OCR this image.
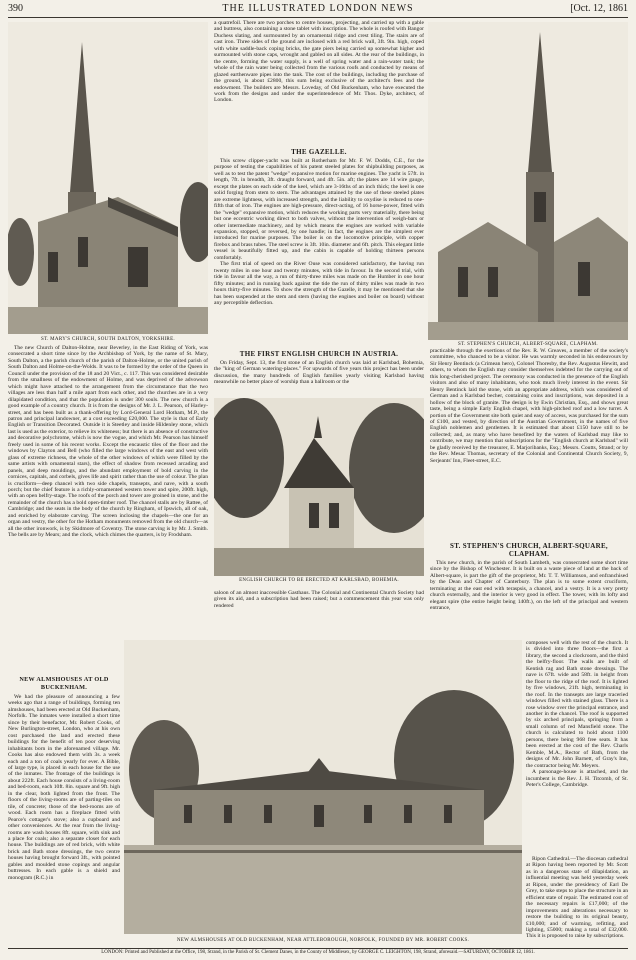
390	THE ILLUSTRATED LONDON NEWS	[Oct. 12, 1861
ST. MARY'S CHURCH, SOUTH DALTON, YORKSHIRE.

a quatrefoil. There are two porches to centre houses, projecting, and carried up with a gable and buttress, also containing a stone tablet with inscription. The whole is roofed with Bangor Duchess slating, and surmounted by an ornamental ridge and crest tiling. The stairs are of cast iron. Three sides of the ground are inclosed with a red brick wall, 3ft. 9in. high, coped with white saddle-back coping bricks, the gate piers being carried up somewhat higher and surmounted with stone caps, wrought and gabled on all sides. At the rear of the buildings, in the centre, forming the water supply, is a well of spring water and a rain-water tank; the whole of the rain water being collected from the various roofs and conducted by means of glazed earthenware pipes into the tank. The cost of the buildings, including the purchase of the ground, is about £2800, this sum being exclusive of the architect's fees and the endowment. The builders are Messrs. Loveday, of Old Buckenham, who have executed the work from the designs and under the superintendence of Mr. Thos. Dyke, architect, of London.

THE GAZELLE.

This screw clipper-yacht was built at Rotherham for Mr. F. W. Dodds, C.E., for the purpose of testing the capabilities of his patent steeled plates for shipbuilding purposes, as well as to test the patent "wedge" expansive motion for marine engines. The yacht is 57ft. in length, 7ft. in breadth, 3ft. draught forward, and 4ft. 5in. aft; the plates are 14 wire gauge, except the plates on each side of the keel, which are 3-16ths of an inch thick; the keel is one solid forging from stem to stern. The advantages attained by the use of these steeled plates are extreme lightness, with increased strength, and the liability to oxydise is reduced to one-fifth that of iron. The engines are high-pressure, direct-acting, of 16 horse-power, fitted with the "wedge" expansive motion, which reduces the working parts very materially, there being but one eccentric working direct to both valves, without the intervention of weigh-bars or other intermediate machinery, and by which means the engines are worked with variable expansion, stopped, or reversed, by one handle; in fact, the engines are the simplest ever introduced for marine purposes. The boiler is on the locomotive principle, with copper firebox and brass tubes. The steel screw is 3ft. 10in. diameter and 6ft. pitch. This elegant little vessel is beautifully fitted up, and the cabin is capable of holding thirteen persons comfortably.

The first trial of speed on the River Ouse was considered satisfactory, the having run twenty miles in one hour and twenty minutes, with tide in favour. In the second trial, with tide in favour all the way, a run of thirty-three miles was made on the Humber in one hour fifty minutes; and in running back against the tide the run of thirty miles was made in two hours thirty-five minutes. To show the strength of the Gazelle, it may be mentioned that she has been suspended at the stem and stern (having the engines and boiler on board) without any perceptible deflection.

ST. STEPHEN'S CHURCH, ALBERT-SQUARE, CLAPHAM.

The new Church of Dalton-Holme, near Beverley, in the East Riding of York, was consecrated a short time since by the Archbishop of York, by the name of St. Mary, South Dalton, a the parish church of the parish of Dalton-Holme, or the united parish of South Dalton and Holme-on-the-Wolds. It was to be formed by the order of the Queen in Council under the provision of the 18 and 20 Vict., c. 117. This was considered desirable from the smallness of the endowment of Holme, and was deprived of the advowson which might have attached to the arrangement from the circumstance that the two villages are less than half a mile apart from each other, and the churches are in a very dilapidated condition, and that the population is under 300 souls. The new church is a good example of a country church. It is from the designs of Mr. J. L. Pearson, of Harley-street, and has been built as a thank-offering by Lord-General Lord Hotham, M.P., the patron and principal landowner, at a cost exceeding £20,000. The style is that of Early English or Transition Decorated. Outside it is Steetley and inside Hildenley stone, which last is used as the exterior, to relieve its whiteness; but there is an absence of constructive and decorative polychrome, which is now the vogue, and which Mr. Pearson has himself freely used in some of his recent works. Except the encaustic tiles of the floor and the windows by Clayton and Bell (who filled the large windows of the east and west with glass of extreme richness, the whole of the other windows of which were filled by the same artists with ornamental stars), the effect of shadow from recessed arcading and panels, and deep mouldings, and the abundant employment of bold carving in the cornices, capitals, and corbels, gives life and spirit rather than the use of colour. The plan is cruciform—deep chancel with two side chapels, transepts, and nave, with a south porch; but the chief feature is a richly-ornamented western tower and spire, 200ft. high, with an open belfry-stage. The roofs of the porch and tower are groined in stone, and the remainder of the church has a bold open-timber roof. The chancel stalls are by Rattee, of Cambridge; and the seats in the body of the church by Ringham, of Ipswich, all of oak, and enriched by elaborate carving. The screen inclosing the chapels—the one for an organ and vestry, the other for the Hotham monuments removed from the old church—as all the other ironwork, is by Skidmore of Coventry. The stone carving is by Mr. J. Smith. The bells are by Mears; and the clock, which chimes the quarters, is by Frodsham.

THE FIRST ENGLISH CHURCH IN AUSTRIA.

On Friday, Sept. 13, the first stone of an English church was laid at Karlsbad, Bohemia, the "king of German watering-places." For upwards of five years this project has been under discussion, the many hundreds of English families yearly visiting Karlsbad having meanwhile no better place of worship than a ballroom or the

ENGLISH CHURCH TO BE ERECTED AT KARLSBAD, BOHEMIA.

saloon of an almost inaccessible Gasthaus. The Colonial and Continental Church Society had given its aid, and a subscription had been raised; but a commencement this year was only rendered

practicable through the exertions of the Rev. R. W. Greaves, a member of the society's committee, who chanced to be a visitor. He was warmly seconded in his endeavours by Sir Henry Bentinck (a Crimean hero), Colonel Thoresby, the Rev. Augustus Hewitt, and others, to whom the English may consider themselves indebted for the carrying out of this long-cherished project. The ceremony was conducted in the presence of the English visitors and also of many inhabitants, who took much lively interest in the event. Sir Henry Bentinck laid the stone, with an appropriate address, which was considered of German and a Karlsbad becher, containing coins and inscriptions, was deposited in a hollow of the block of granite. The design is by Ewin Christian, Esq., and shows great taste, being a simple Early English chapel, with high-pitched roof and a low turret. A portion of the Government site both quiet and easy of access, was purchased for the sum of £100, and vested, by direction of the Austrian Government, in the names of five English noblemen and gentlemen. It is estimated that about £150 have still to be collected; and, as many who have benefited by the waters of Karlsbad may like to contribute, we may mention that subscriptions for the "English church at Karlsbad" will be gladly received by the treasurer, E. Marjoribanks, Esq.; Messrs. Coutts, Strand; or by the Rev. Mesac Thomas, secretary of the Colonial and Continental Church Society, 9, Serjeants' Inn, Fleet-street, E.C.

ST. STEPHEN'S CHURCH, ALBERT-SQUARE, CLAPHAM.

This new church, in the parish of South Lambeth, was consecrated some short time since by the Bishop of Winchester. It is built on a waste piece of land at the back of Albert-square, is part the gift of the proprietor, Mr. T. T. Williamson, and enfranchised by the Dean and Chapter of Canterbury. The plan is to some extent cruciform, terminating at the east end with teraspsis, a chancel, and a vestry. It is a very pretty church externally, and the interior is very good in effect. The tower, with its lofty and elegant spire (the entire height being 140ft.), on the left of the principal and western entrance,

composes well with the rest of the church. It is divided into three floors—the first a library, the second a clockroom, and the third the belfry-floor. The walls are built of Kentish rag and Bath stone dressings. The nave is 67ft. wide and 58ft. in height from the floor to the ridge of the roof. It is lighted by five windows, 21ft. high, terminating in the roof. In the transepts are large traceried windows filled with stained glass. There is a rose window over the principal entrance, and another in the chancel. The roof is supported by six arched principals, springing from a small column of red Mansfield stone. The church is calculated to hold about 1100 persons, there being 968 free seats. It has been erected at the cost of the Rev. Charls Kemble, M.A., Rector of Bath, from the designs of Mr. John Barnett, of Gray's Inn, the contractor being Mr. Meyers.

A parsonage-house is attached, and the incumbent is the Rev. J. H. Titcomb, of St. Peter's College, Cambridge.

Ripon Cathedral.—The diocesan cathedral at Ripon having been reported by Mr. Scott as in a dangerous state of dilapidation, an influential meeting was held yesterday week at Ripon, under the presidency of Earl De Grey, to take steps to place the structure in an efficient state of repair. The estimated cost of the necessary repairs is £17,000; of the improvements and alterations necessary to restore the building to its original beauty, £10,000; and of warming, refitting, and lighting, £5000; making a total of £32,000. This it is proposed to raise by subscriptions.

NEW ALMSHOUSES AT OLD BUCKENHAM.

We had the pleasure of announcing a few weeks ago that a range of buildings, forming ten almshouses, had been erected at Old Buckenham, Norfolk. The inmates were installed a short time since by their benefactor, Mr. Robert Cooks, of New Burlington-street, London, who at his own cost purchased the land and erected these buildings for the benefit of ten poor deserving inhabitants born in the aforenamed village. Mr. Cooks has also endowed them with 3s. a week each and a ton of coals yearly for ever. A Bible, of large type, is placed in each house for the use of the inmates. The frontage of the buildings is about 222ft. Each house consists of a living-room and bed-room, each 10ft. 8in. square and 9ft. high in the clear, both lighted from the front. The floors of the living-rooms are of parting-tiles on tile, of concrete; those of the bed-rooms are of wood. Each room has a fireplace fitted with Pearce's cottager's stove; also a cupboard and other conveniences. At the rear from the living-rooms are wash houses 8ft. square, with sink and a place for coals; also a separate closet for each house. The buildings are of red brick, with white brick and Bath stone dressings, the two centre houses having brought forward 3ft., with pointed gables and moulded stone copings and angular buttresses. In each gable is a shield and monogram (R.C.) in

NEW ALMSHOUSES AT OLD BUCKENHAM, NEAR ATTLEBOROUGH, NORFOLK, FOUNDED BY MR. ROBERT COOKS.
LONDON: Printed and Published at the Office, 198, Strand, in the Parish of St. Clement Danes, in the County of Middlesex, by GEORGE C. LEIGHTON, 198, Strand, aforesaid.—SATURDAY, OCTOBER 12, 1861.
